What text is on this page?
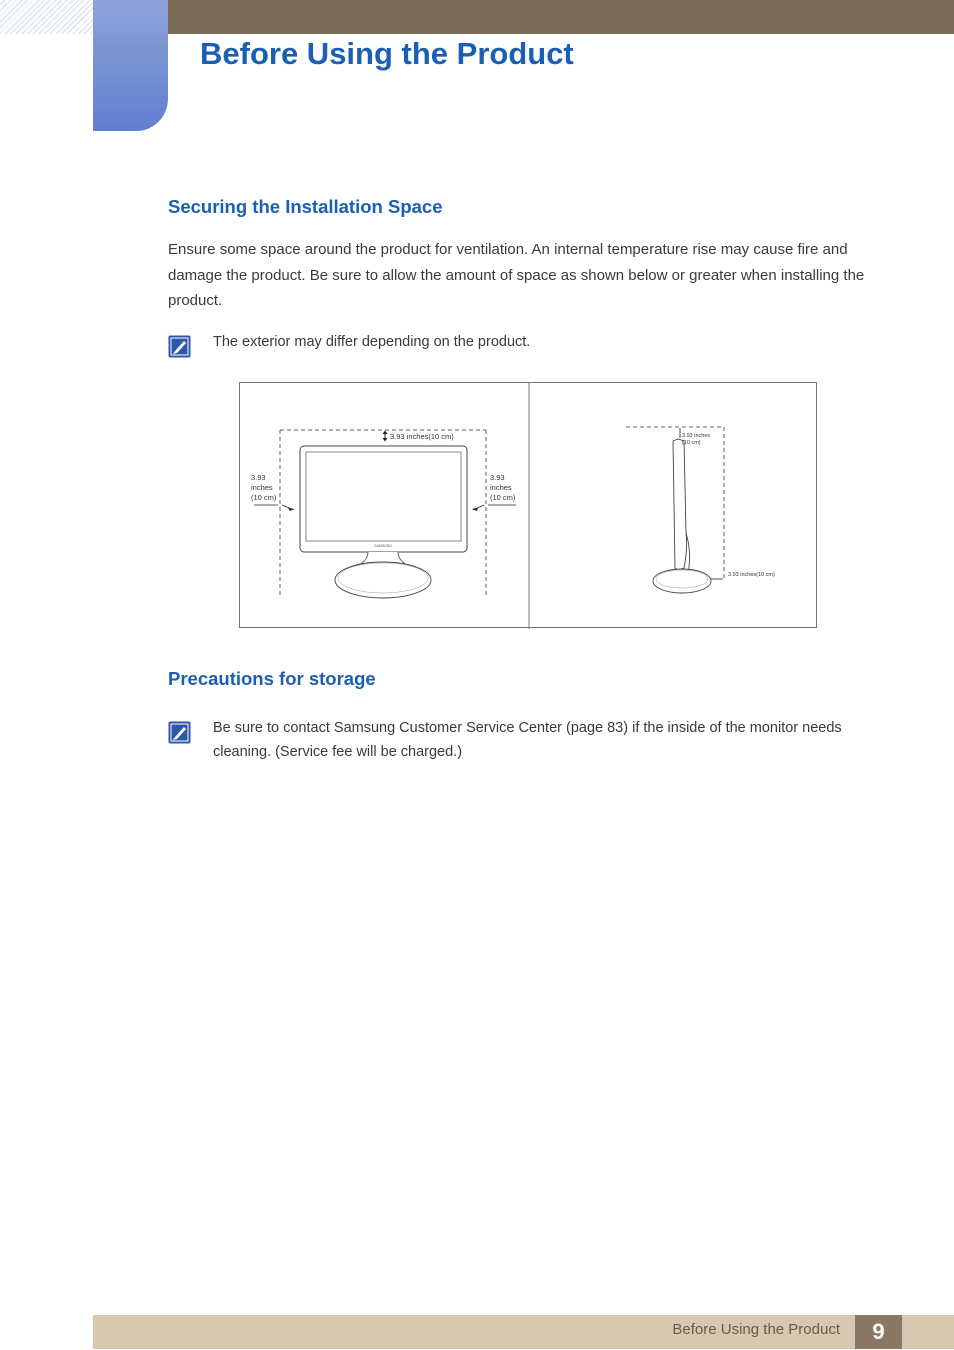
Before Using the Product
Securing the Installation Space

Ensure some space around the product for ventilation. An internal temperature rise may cause fire and damage the product. Be sure to allow the amount of space as shown below or greater when installing the product.

The exterior may differ depending on the product.

SAMSUNG
3.93 inches(10 cm)
3.93
inches
(10 cm)
3.93
inches
(10 cm)
3.93 inches
(10 cm)
3.93 inches(10 cm)
Precautions for storage

Be sure to contact Samsung Customer Service Center (page 83) if the inside of the monitor needs cleaning. (Service fee will be charged.)

Before Using the Product	9
